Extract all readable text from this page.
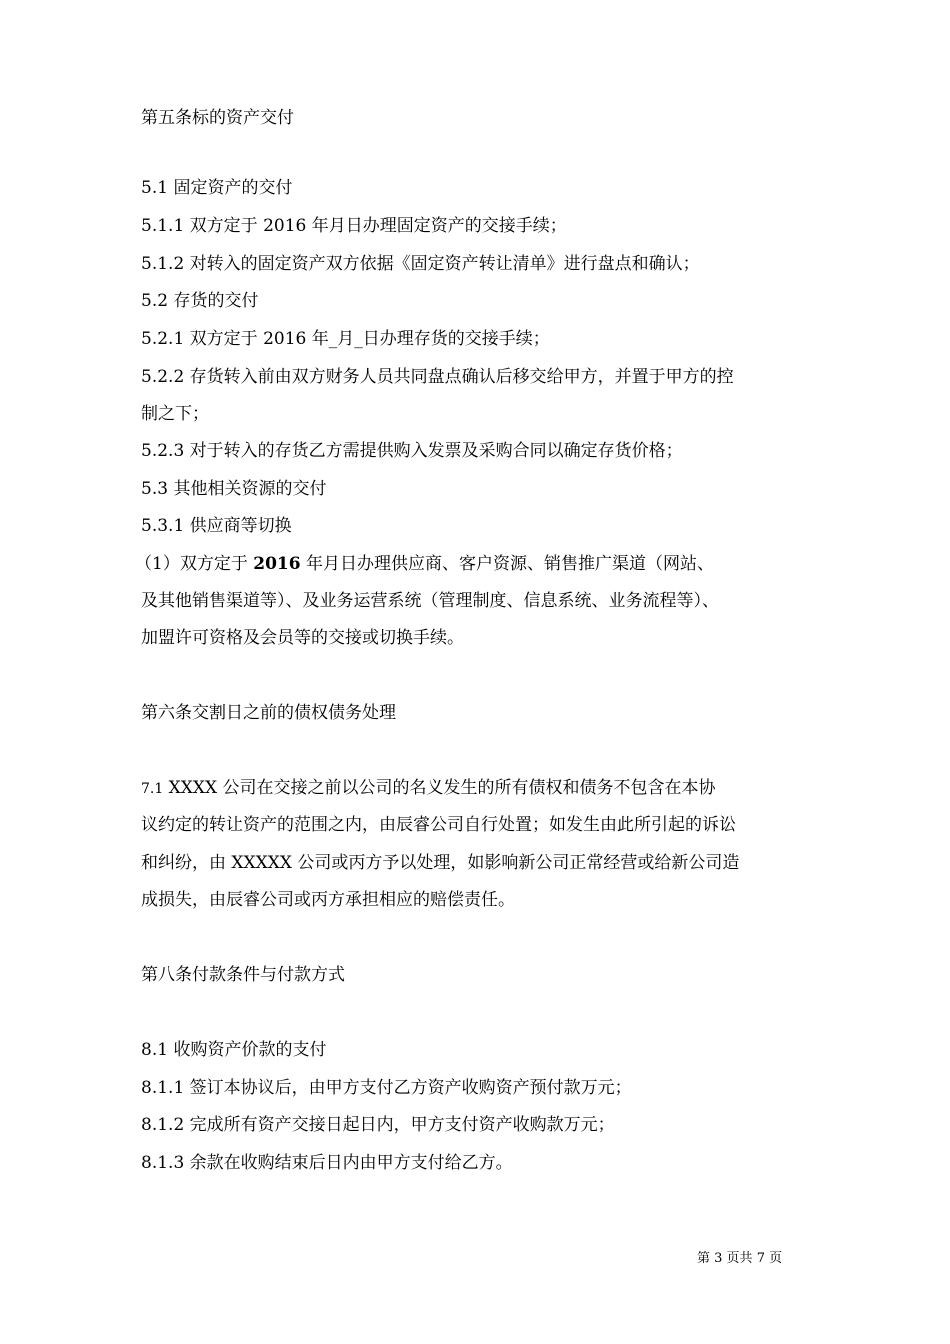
第五条标的资产交付
5.1 固定资产的交付
5.1.1 双方定于 2016 年月日办理固定资产的交接手续；
5.1.2 对转入的固定资产双方依据《固定资产转让清单》进行盘点和确认；
5.2 存货的交付
5.2.1 双方定于 2016 年_月_日办理存货的交接手续；
5.2.2 存货转入前由双方财务人员共同盘点确认后移交给甲方，并置于甲方的控
制之下；
5.2.3 对于转入的存货乙方需提供购入发票及采购合同以确定存货价格；
5.3 其他相关资源的交付
5.3.1 供应商等切换
（1）双方定于 2016 年月日办理供应商、客户资源、销售推广渠道（网站、
及其他销售渠道等）、及业务运营系统（管理制度、信息系统、业务流程等）、
加盟许可资格及会员等的交接或切换手续。
第六条交割日之前的债权债务处理
7.1 XXXX 公司在交接之前以公司的名义发生的所有债权和债务不包含在本协
议约定的转让资产的范围之内，由辰睿公司自行处置；如发生由此所引起的诉讼
和纠纷，由 XXXXX 公司或丙方予以处理，如影响新公司正常经营或给新公司造
成损失，由辰睿公司或丙方承担相应的赔偿责任。
第八条付款条件与付款方式
8.1 收购资产价款的支付
8.1.1 签订本协议后，由甲方支付乙方资产收购资产预付款万元；
8.1.2 完成所有资产交接日起日内，甲方支付资产收购款万元；
8.1.3 余款在收购结束后日内由甲方支付给乙方。
第 3 页共 7 页
